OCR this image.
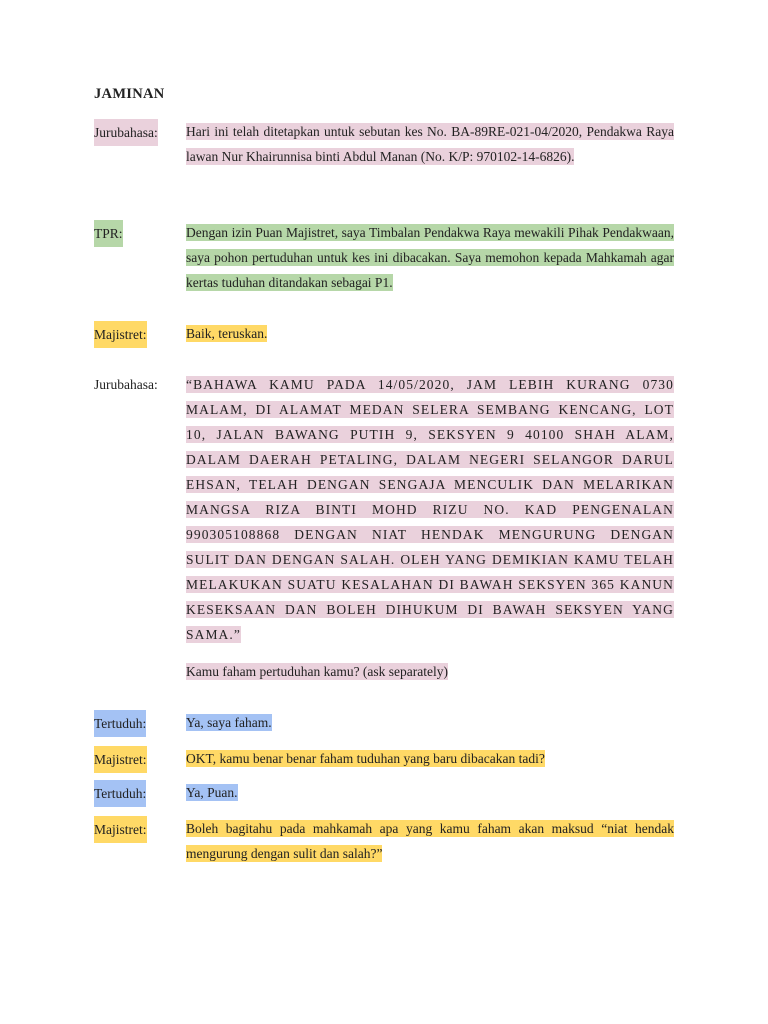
JAMINAN
Jurubahasa: Hari ini telah ditetapkan untuk sebutan kes No. BA-89RE-021-04/2020, Pendakwa Raya lawan Nur Khairunnisa binti Abdul Manan (No. K/P: 970102-14-6826).
TPR:	Dengan izin Puan Majistret, saya Timbalan Pendakwa Raya mewakili Pihak Pendakwaan, saya pohon pertuduhan untuk kes ini dibacakan. Saya memohon kepada Mahkamah agar kertas tuduhan ditandakan sebagai P1.
Majistret:	Baik, teruskan.
Jurubahasa: “BAHAWA KAMU PADA 14/05/2020, JAM LEBIH KURANG 0730 MALAM, DI ALAMAT MEDAN SELERA SEMBANG KENCANG, LOT 10, JALAN BAWANG PUTIH 9, SEKSYEN 9 40100 SHAH ALAM, DALAM DAERAH PETALING, DALAM NEGERI SELANGOR DARUL EHSAN, TELAH DENGAN SENGAJA MENCULIK DAN MELARIKAN MANGSA RIZA BINTI MOHD RIZU NO. KAD PENGENALAN 990305108868 DENGAN NIAT HENDAK MENGURUNG DENGAN SULIT DAN DENGAN SALAH. OLEH YANG DEMIKIAN KAMU TELAH MELAKUKAN SUATU KESALAHAN DI BAWAH SEKSYEN 365 KANUN KESEKSAAN DAN BOLEH DIHUKUM DI BAWAH SEKSYEN YANG SAMA.”
Kamu faham pertuduhan kamu? (ask separately)
Tertuduh:	Ya, saya faham.
Majistret:	OKT, kamu benar benar faham tuduhan yang baru dibacakan tadi?
Tertuduh:	Ya, Puan.
Majistret:	Boleh bagitahu pada mahkamah apa yang kamu faham akan maksud “niat hendak mengurung dengan sulit dan salah?”
